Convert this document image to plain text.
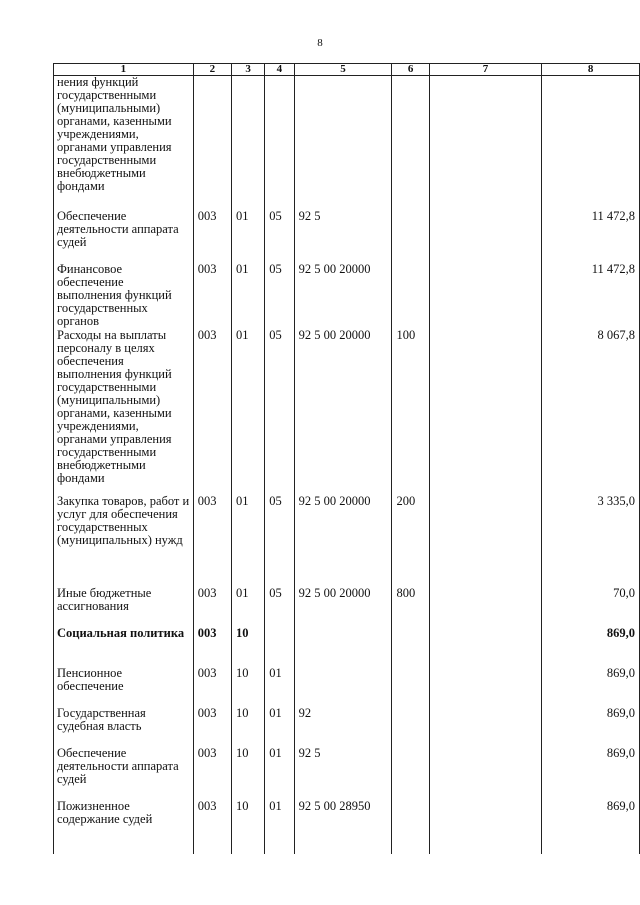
8
1	2	3	4	5	6	7	8
нения функций государственными (муниципальными) органами, казенными учреждениями, органами управления государственными внебюджетными фондами							
Обеспечение деятельности аппарата судей	003	01	05	92 5			11 472,8
Финансовое обеспечение выполнения функций государственных органов	003	01	05	92 5 00 20000			11 472,8
Расходы на выплаты персоналу в целях обеспечения выполнения функций государственными (муниципальными) органами, казенными учреждениями, органами управления государственными внебюджетными фондами	003	01	05	92 5 00 20000	100		8 067,8
Закупка товаров, работ и услуг для обеспечения государственных (муниципальных) нужд	003	01	05	92 5 00 20000	200		3 335,0
Иные бюджетные ассигнования	003	01	05	92 5 00 20000	800		70,0
Социальная политика	003	10					869,0
Пенсионное обеспечение	003	10	01				869,0
Государственная судебная власть	003	10	01	92			869,0
Обеспечение деятельности аппарата судей	003	10	01	92 5			869,0
Пожизненное содержание судей	003	10	01	92 5 00 28950			869,0
